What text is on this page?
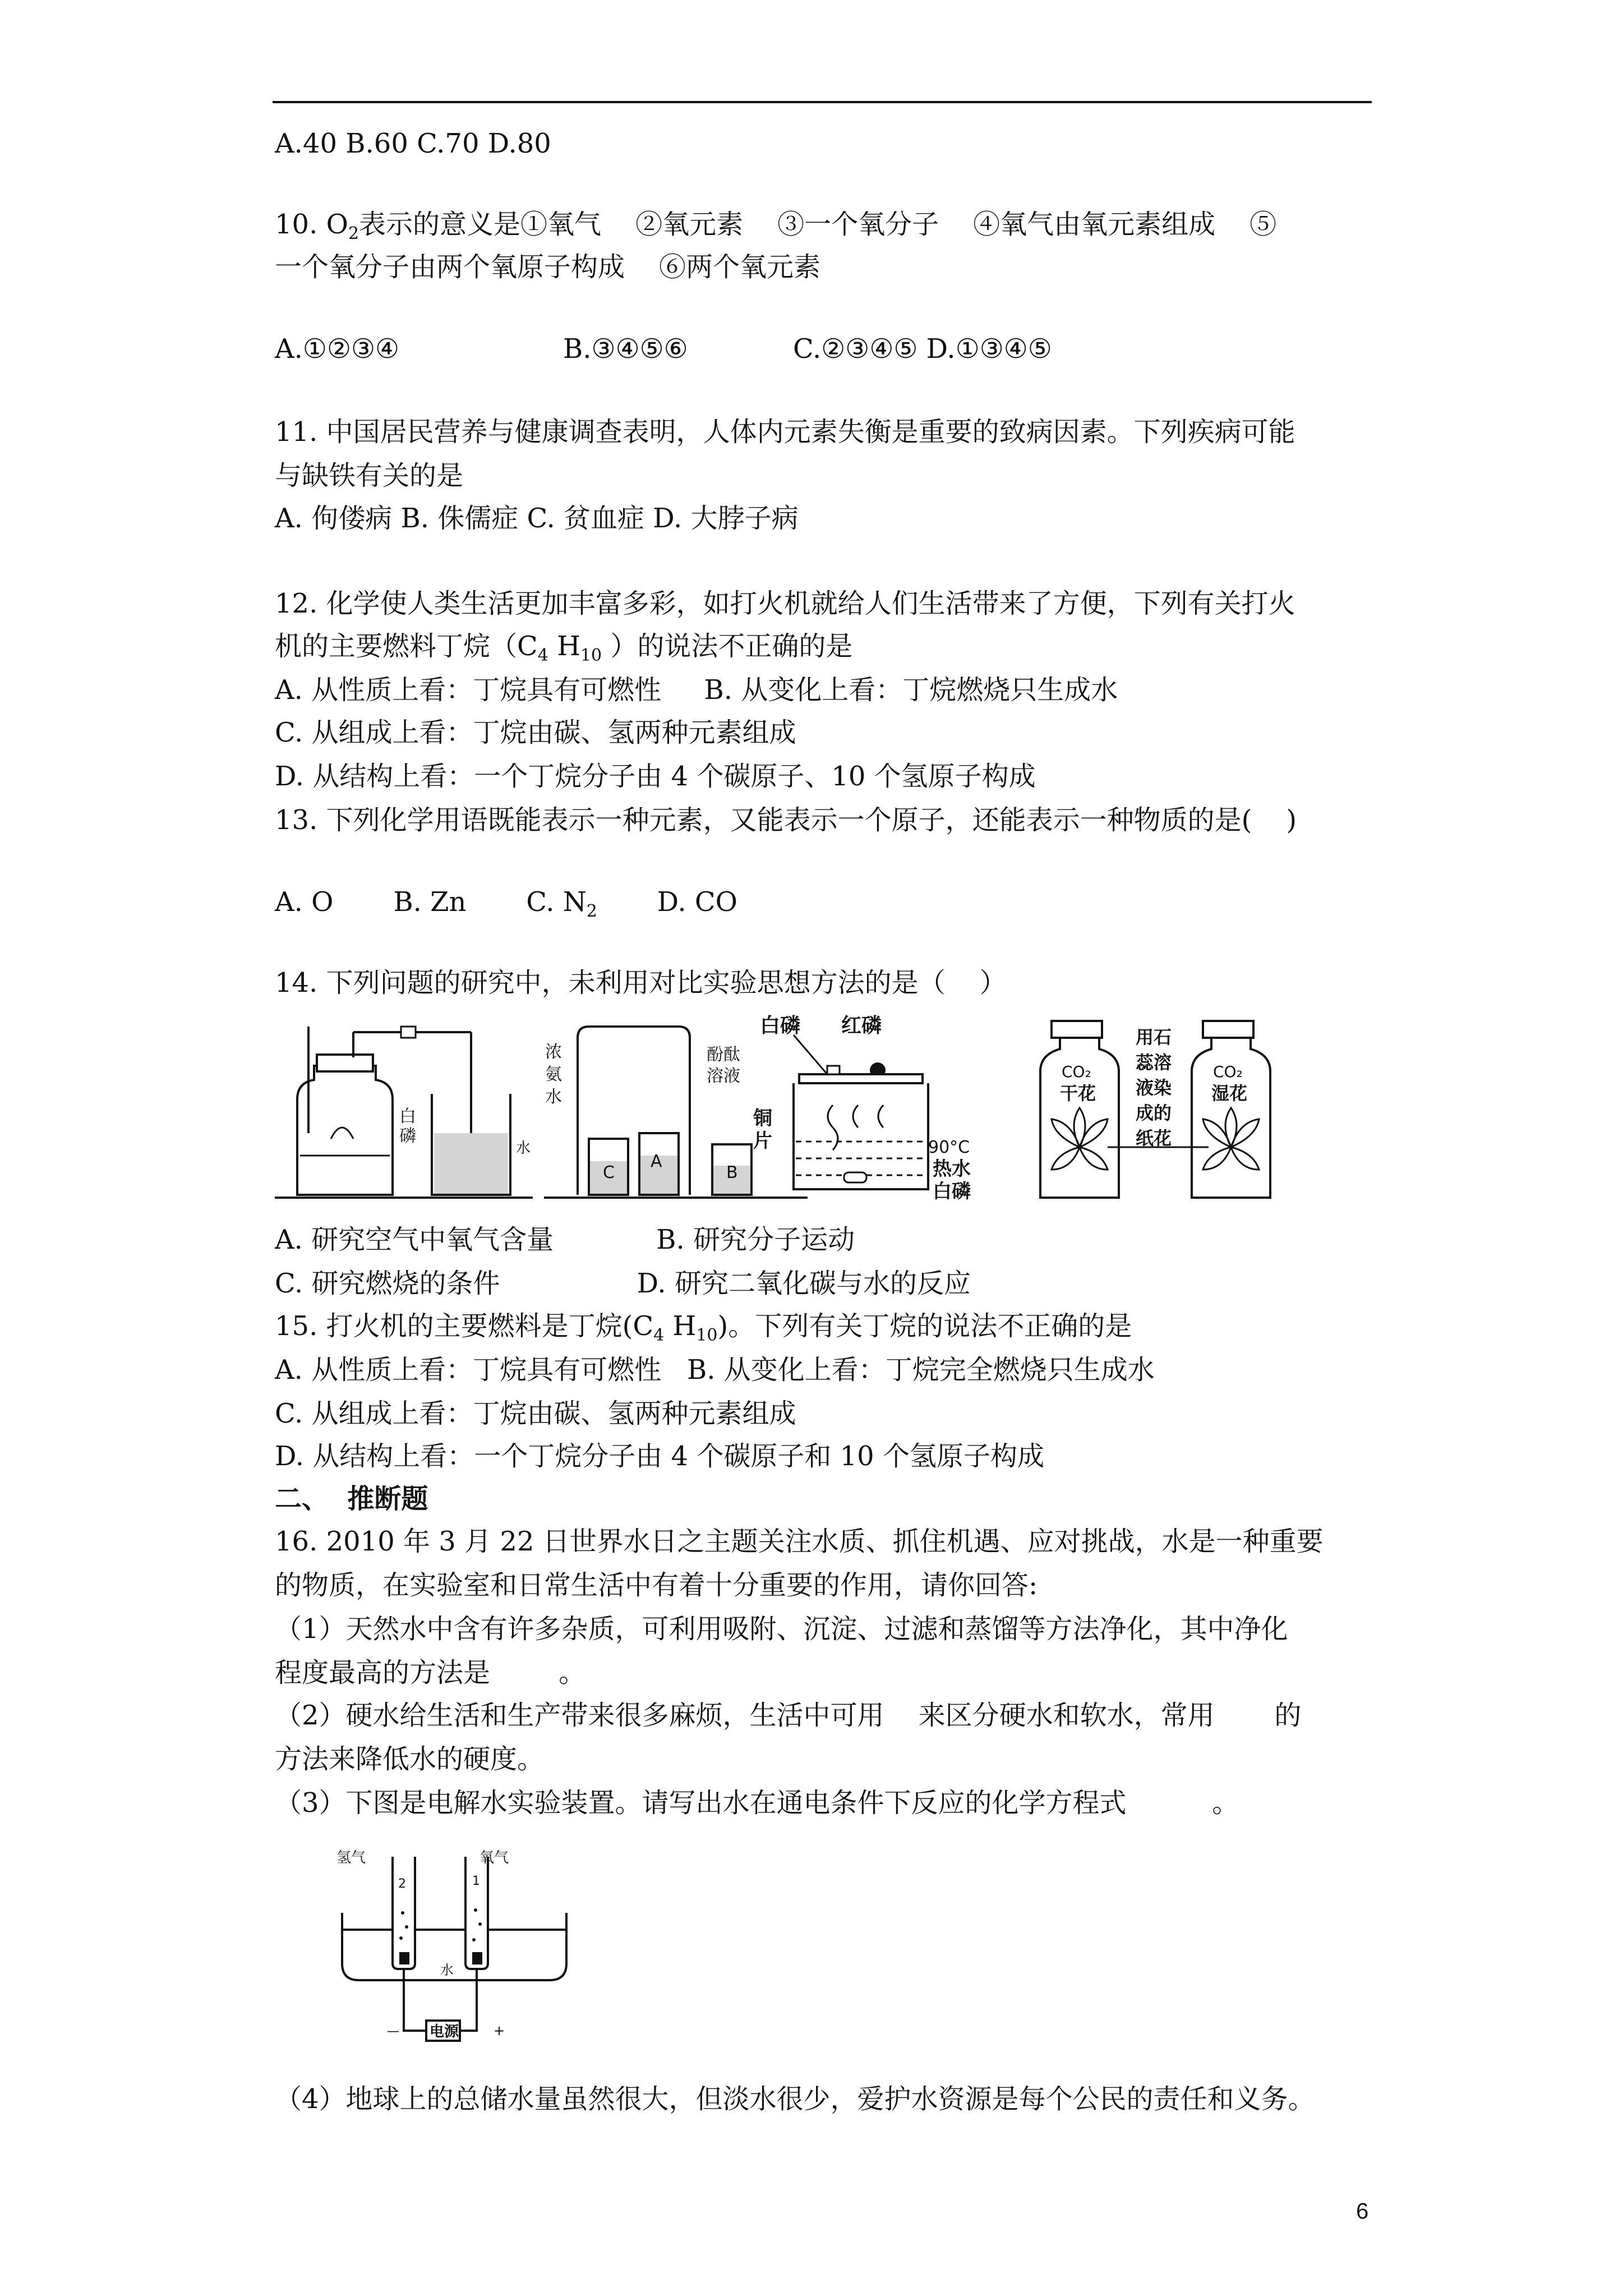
A.40 B.60 C.70 D.80
10. $O_2$表示的意义是①氧气    ②氧元素    ③一个氧分子    ④氧气由氧元素组成    ⑤
一个氧分子由两个氧原子构成    ⑥两个氧元素
A.①②③④	B.③④⑤⑥	C.②③④⑤ D.①③④⑤
11. 中国居民营养与健康调查表明，人体内元素失衡是重要的致病因素。下列疾病可能
与缺铁有关的是
A. 佝偻病 B. 侏儒症 C. 贫血症 D. 大脖子病
12. 化学使人类生活更加丰富多彩，如打火机就给人们生活带来了方便，下列有关打火
机的主要燃料丁烷（$C_4$ $H_{10}$ ）的说法不正确的是
A. 从性质上看：丁烷具有可燃性     B. 从变化上看：丁烷燃烧只生成水
C. 从组成上看：丁烷由碳、氢两种元素组成
D. 从结构上看：一个丁烷分子由 4 个碳原子、10 个氢原子构成
13. 下列化学用语既能表示一种元素，又能表示一个原子，还能表示一种物质的是(    )
A. O       B. Zn       C. $N_2$ D. CO
14. 下列问题的研究中，未利用对比实验思想方法的是（    ）
白
磷
水
C
A
B
浓
氨
水
酚酞
溶液
白磷 红磷
90°C
热水
白磷
铜
片
CO₂
干花
CO₂
湿花
用石
蕊溶
液染
成的
纸花
A. 研究空气中氧气含量            B. 研究分子运动
C. 研究燃烧的条件                D. 研究二氧化碳与水的反应
15. 打火机的主要燃料是丁烷($C_4$ $H_{10}$)。下列有关丁烷的说法不正确的是
A. 从性质上看：丁烷具有可燃性   B. 从变化上看：丁烷完全燃烧只生成水
C. 从组成上看：丁烷由碳、氢两种元素组成
D. 从结构上看：一个丁烷分子由 4 个碳原子和 10 个氢原子构成
二、  推断题
16. 2010 年 3 月 22 日世界水日之主题关注水质、抓住机遇、应对挑战，水是一种重要
的物质，在实验室和日常生活中有着十分重要的作用，请你回答:
（1）天然水中含有许多杂质，可利用吸附、沉淀、过滤和蒸馏等方法净化，其中净化
程度最高的方法是        。
（2）硬水给生活和生产带来很多麻烦，生活中可用    来区分硬水和软水，常用       的
方法来降低水的硬度。
（3）下图是电解水实验装置。请写出水在通电条件下反应的化学方程式          。
氢气	氧气
2	1
水
电源
—	+
（4）地球上的总储水量虽然很大，但淡水很少，爱护水资源是每个公民的责任和义务。
6
